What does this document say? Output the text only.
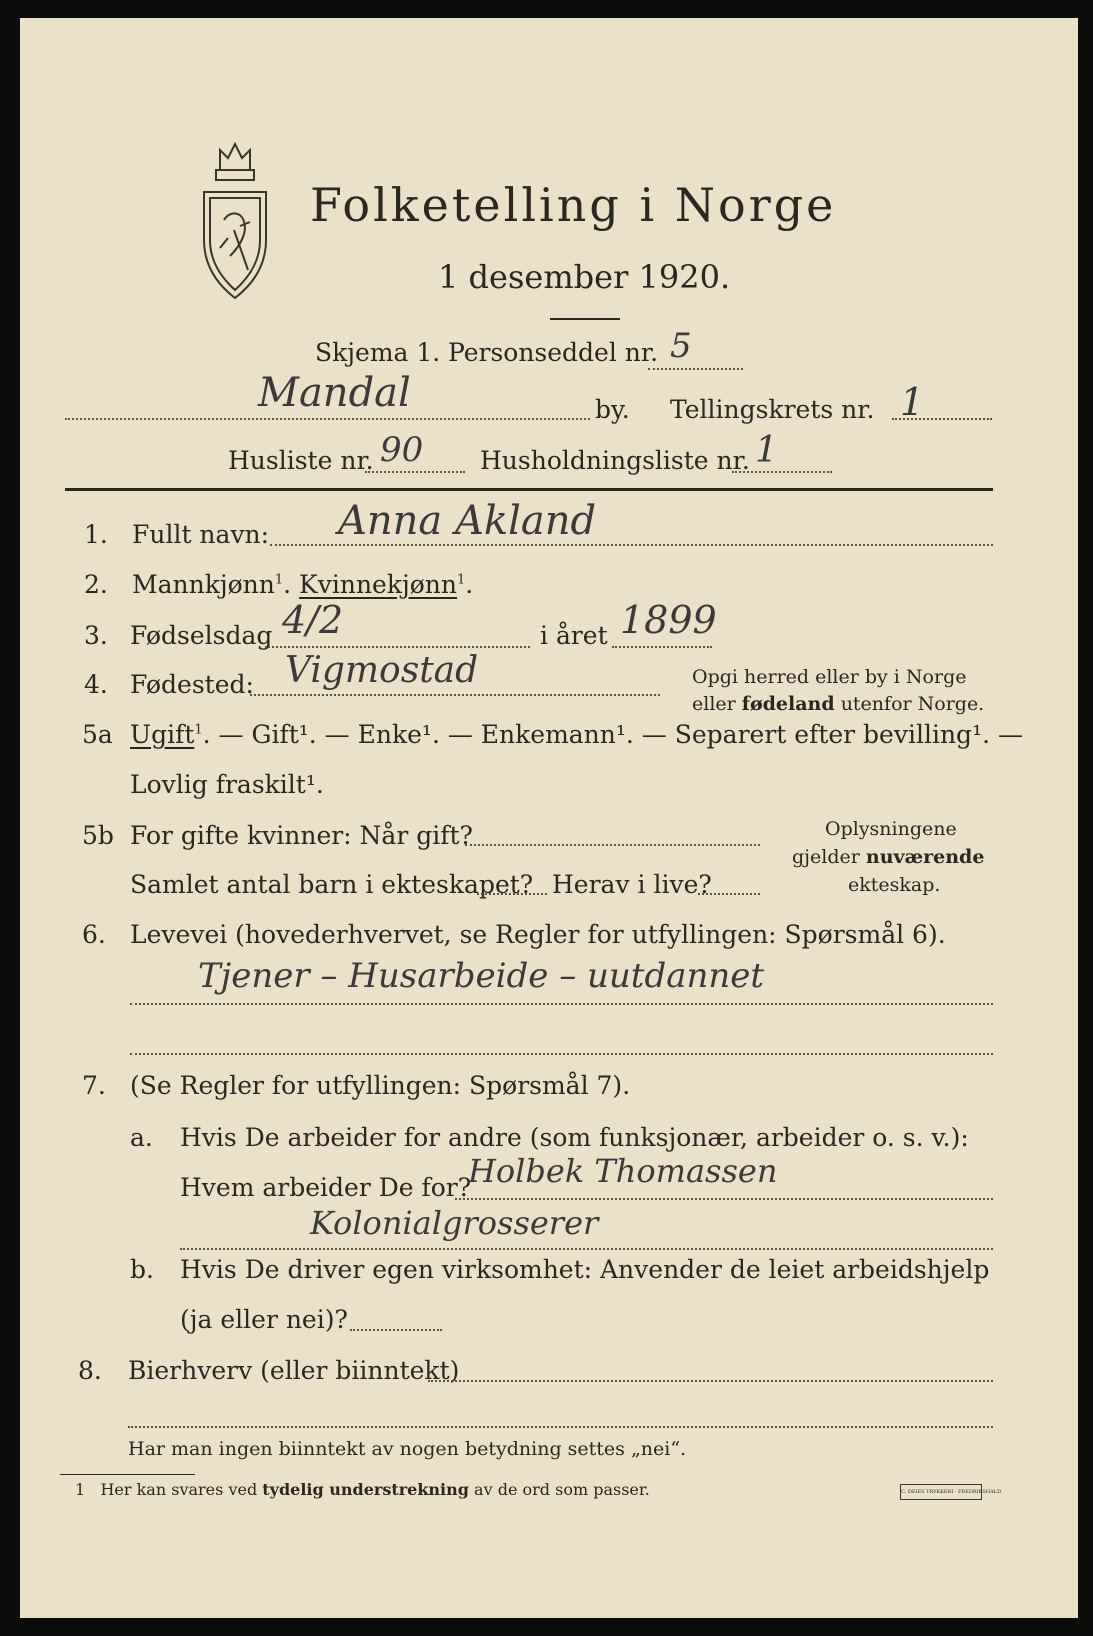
Folketelling i Norge
1 desember 1920.
Skjema 1. Personseddel nr. 5
Mandal	by. Tellingskrets nr. 1
Husliste nr. 90 Husholdningsliste nr. 1
1. Fullt navn: Anna Akland
2. Mannkjønn$^1$. Kvinnekjønn$^1$.
3. Fødselsdag 4/2	i året 1899
4. Fødested: Vigmostad	Opgi herred eller by i Norge
eller fødeland utenfor Norge.
5a Ugift$^1$. — Gift¹. — Enke¹. — Enkemann¹. — Separert efter bevilling¹. —
Lovlig fraskilt¹.
5b For gifte kvinner: Når gift?
Samlet antal barn i ekteskapet? Herav i live?
Oplysningene
gjelder nuværende
ekteskap.
6. Levevei (hovederhvervet, se Regler for utfyllingen: Spørsmål 6).
Tjener – Husarbeide – uutdannet
7. (Se Regler for utfyllingen: Spørsmål 7).
a. Hvis De arbeider for andre (som funksjonær, arbeider o. s. v.):
Hvem arbeider De for?
Holbek Thomassen
Kolonialgrosserer
b. Hvis De driver egen virksomhet: Anvender de leiet arbeidshjelp
(ja eller nei)?
8. Bierhverv (eller biinntekt)
Har man ingen biinntekt av nogen betydning settes „nei“.
1 Her kan svares ved tydelig understrekning av de ord som passer.	C. DEIES TRYKKERI · FREDRIKSHALD
